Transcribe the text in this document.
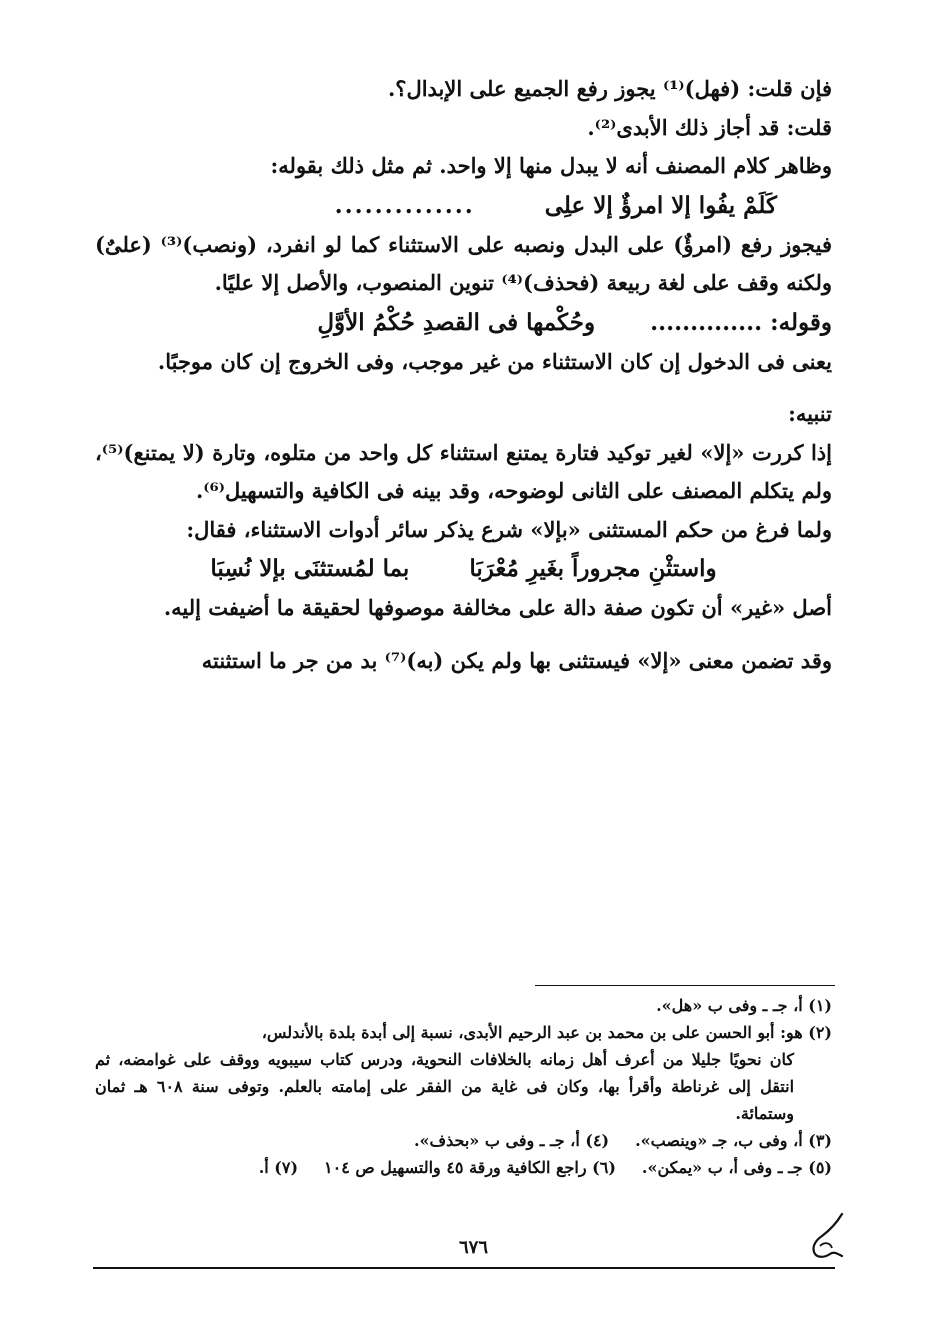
فإن قلت: (فهل)⁽¹⁾ يجوز رفع الجميع على الإبدال؟.

قلت: قد أجاز ذلك الأبدى⁽²⁾.

وظاهر كلام المصنف أنه لا يبدل منها إلا واحد. ثم مثل ذلك بقوله:

كَلَمْ يفُوا إلا امرؤٌ إلا علِى
..............

فيجوز رفع (امرؤٌ) على البدل ونصبه على الاستثناء كما لو انفرد، (ونصب)⁽³⁾ (علىٌ) ولكنه وقف على لغة ربيعة (فحذف)⁽⁴⁾ تنوين المنصوب، والأصل إلا عليًا.

وقوله: ..............
وحُكْمها فى القصدِ حُكْمُ الأوَّلِ

يعنى فى الدخول إن كان الاستثناء من غير موجب، وفى الخروج إن كان موجبًا.

تنبيه:

إذا كررت «إلا» لغير توكيد فتارة يمتنع استثناء كل واحد من متلوه، وتارة (لا يمتنع)⁽⁵⁾، ولم يتكلم المصنف على الثانى لوضوحه، وقد بينه فى الكافية والتسهيل⁽⁶⁾.

ولما فرغ من حكم المستثنى «بإلا» شرع يذكر سائر أدوات الاستثناء، فقال:

واستثْنِ مجروراً بغَيرِ مُعْرَبَا
بما لمُستثنَى بإلا نُسِبَا

أصل «غير» أن تكون صفة دالة على مخالفة موصوفها لحقيقة ما أضيفت إليه.

وقد تضمن معنى «إلا» فيستثنى بها ولم يكن (به)⁽⁷⁾ بد من جر ما استثنته

(١) أ، جـ ـ وفى ب «هل».

(٢) هو: أبو الحسن على بن محمد بن عبد الرحيم الأبدى، نسبة إلى أبدة بلدة بالأندلس،
كان نحويًا جليلا من أعرف أهل زمانه بالخلافات النحوية، ودرس كتاب سيبويه ووقف على غوامضه، ثم انتقل إلى غرناطة وأقرأ بها، وكان فى غاية من الفقر على إمامته بالعلم. وتوفى سنة ٦٠٨ هـ ثمان وستمائة.

(٣) أ، وفى ب، جـ «وينصب».
(٤) أ، جـ ـ وفى ب «بحذف».
(٥) جـ ـ وفى أ، ب «يمكن».
(٦) راجع الكافية ورقة ٤٥ والتسهيل ص ١٠٤
(٧) أ.
٦٧٦
